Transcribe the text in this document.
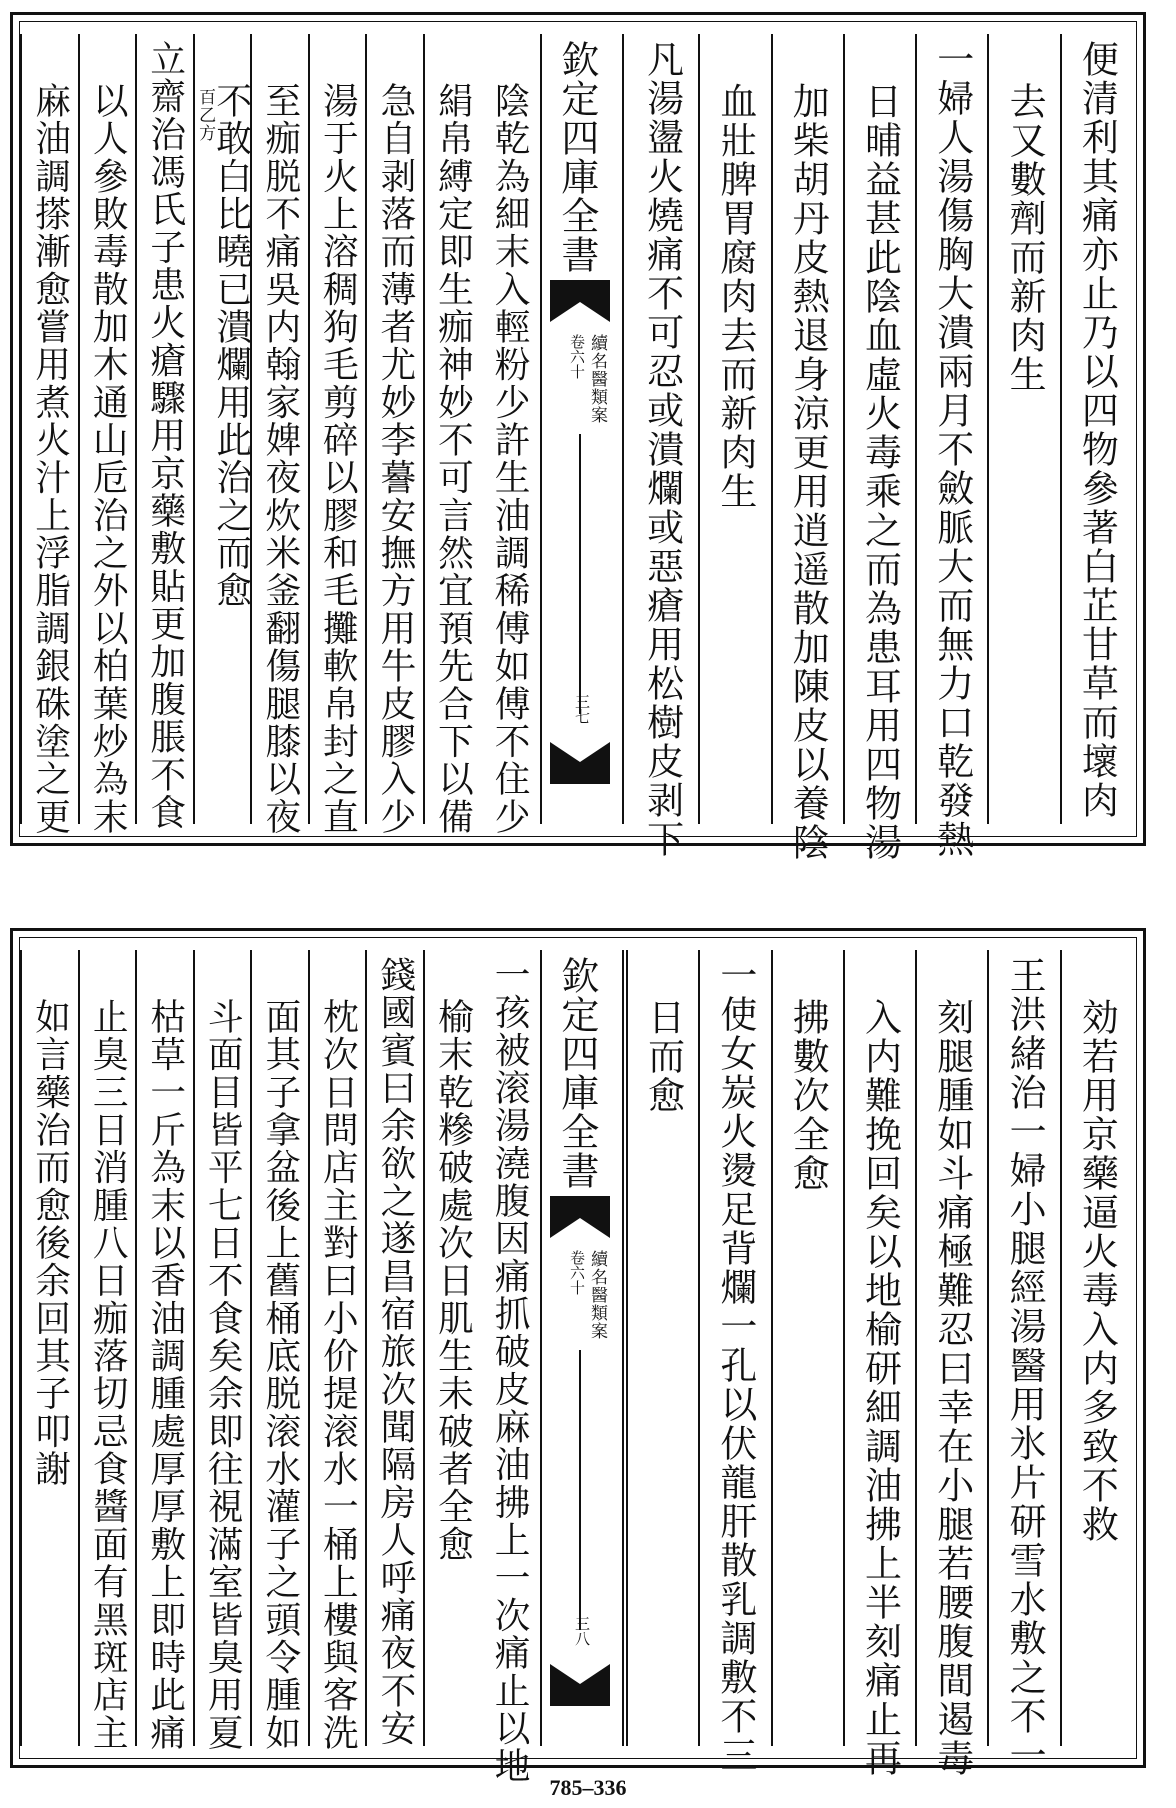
便清利其痛亦止乃以四物參著白芷甘草而壞肉
去又數劑而新肉生
一婦人湯傷胸大潰兩月不斂脈大而無力口乾發熱
日晡益甚此陰血虛火毒乘之而為患耳用四物湯
加柴胡丹皮熱退身涼更用逍遥散加陳皮以養陰
血壯脾胃腐肉去而新肉生
凡湯盪火燒痛不可忍或潰爛或惡瘡用松樹皮剥下
欽定四庫全書
續名醫類案
卷六十
三七
陰乾為細末入輕粉少許生油調稀傅如傅不住少
絹帛縛定即生痂神妙不可言然宜預先合下以備
急自剥落而薄者尤妙李謩安撫方用牛皮膠入少
湯于火上溶稠狗毛剪碎以膠和毛攤軟帛封之直
至痂脱不痛吳内翰家婢夜炊米釜翻傷腿膝以夜
不敢白比曉已潰爛用此治之而愈
百乙方
立齋治馮氏子患火瘡驟用京藥敷貼更加腹脹不食
以人參敗毒散加木通山卮治之外以柏葉炒為末
麻油調搽漸愈嘗用煮火汁上浮脂調銀硃塗之更
効若用京藥逼火毒入内多致不救
王洪緒治一婦小腿經湯醫用氷片研雪水敷之不一
刻腿腫如斗痛極難忍曰幸在小腿若腰腹間遏毒
入内難挽回矣以地榆研細調油拂上半刻痛止再
拂數次全愈
一使女炭火燙足背爛一孔以伏龍肝散乳調敷不三
日而愈
欽定四庫全書
續名醫類案
卷六十
三八
一孩被滚湯澆腹因痛抓破皮麻油拂上一次痛止以地
榆末乾糝破處次日肌生未破者全愈
錢國賓曰余欲之遂昌宿旅次聞隔房人呼痛夜不安
枕次日問店主對曰小价提滚水一桶上樓與客洗
面其子拿盆後上舊桶底脱滚水灌子之頭令腫如
斗面目皆平七日不食矣余即往視滿室皆臭用夏
枯草一斤為末以香油調腫處厚厚敷上即時此痛
止臭三日消腫八日痂落切忌食醬面有黑斑店主
如言藥治而愈後余回其子叩謝
785–336
